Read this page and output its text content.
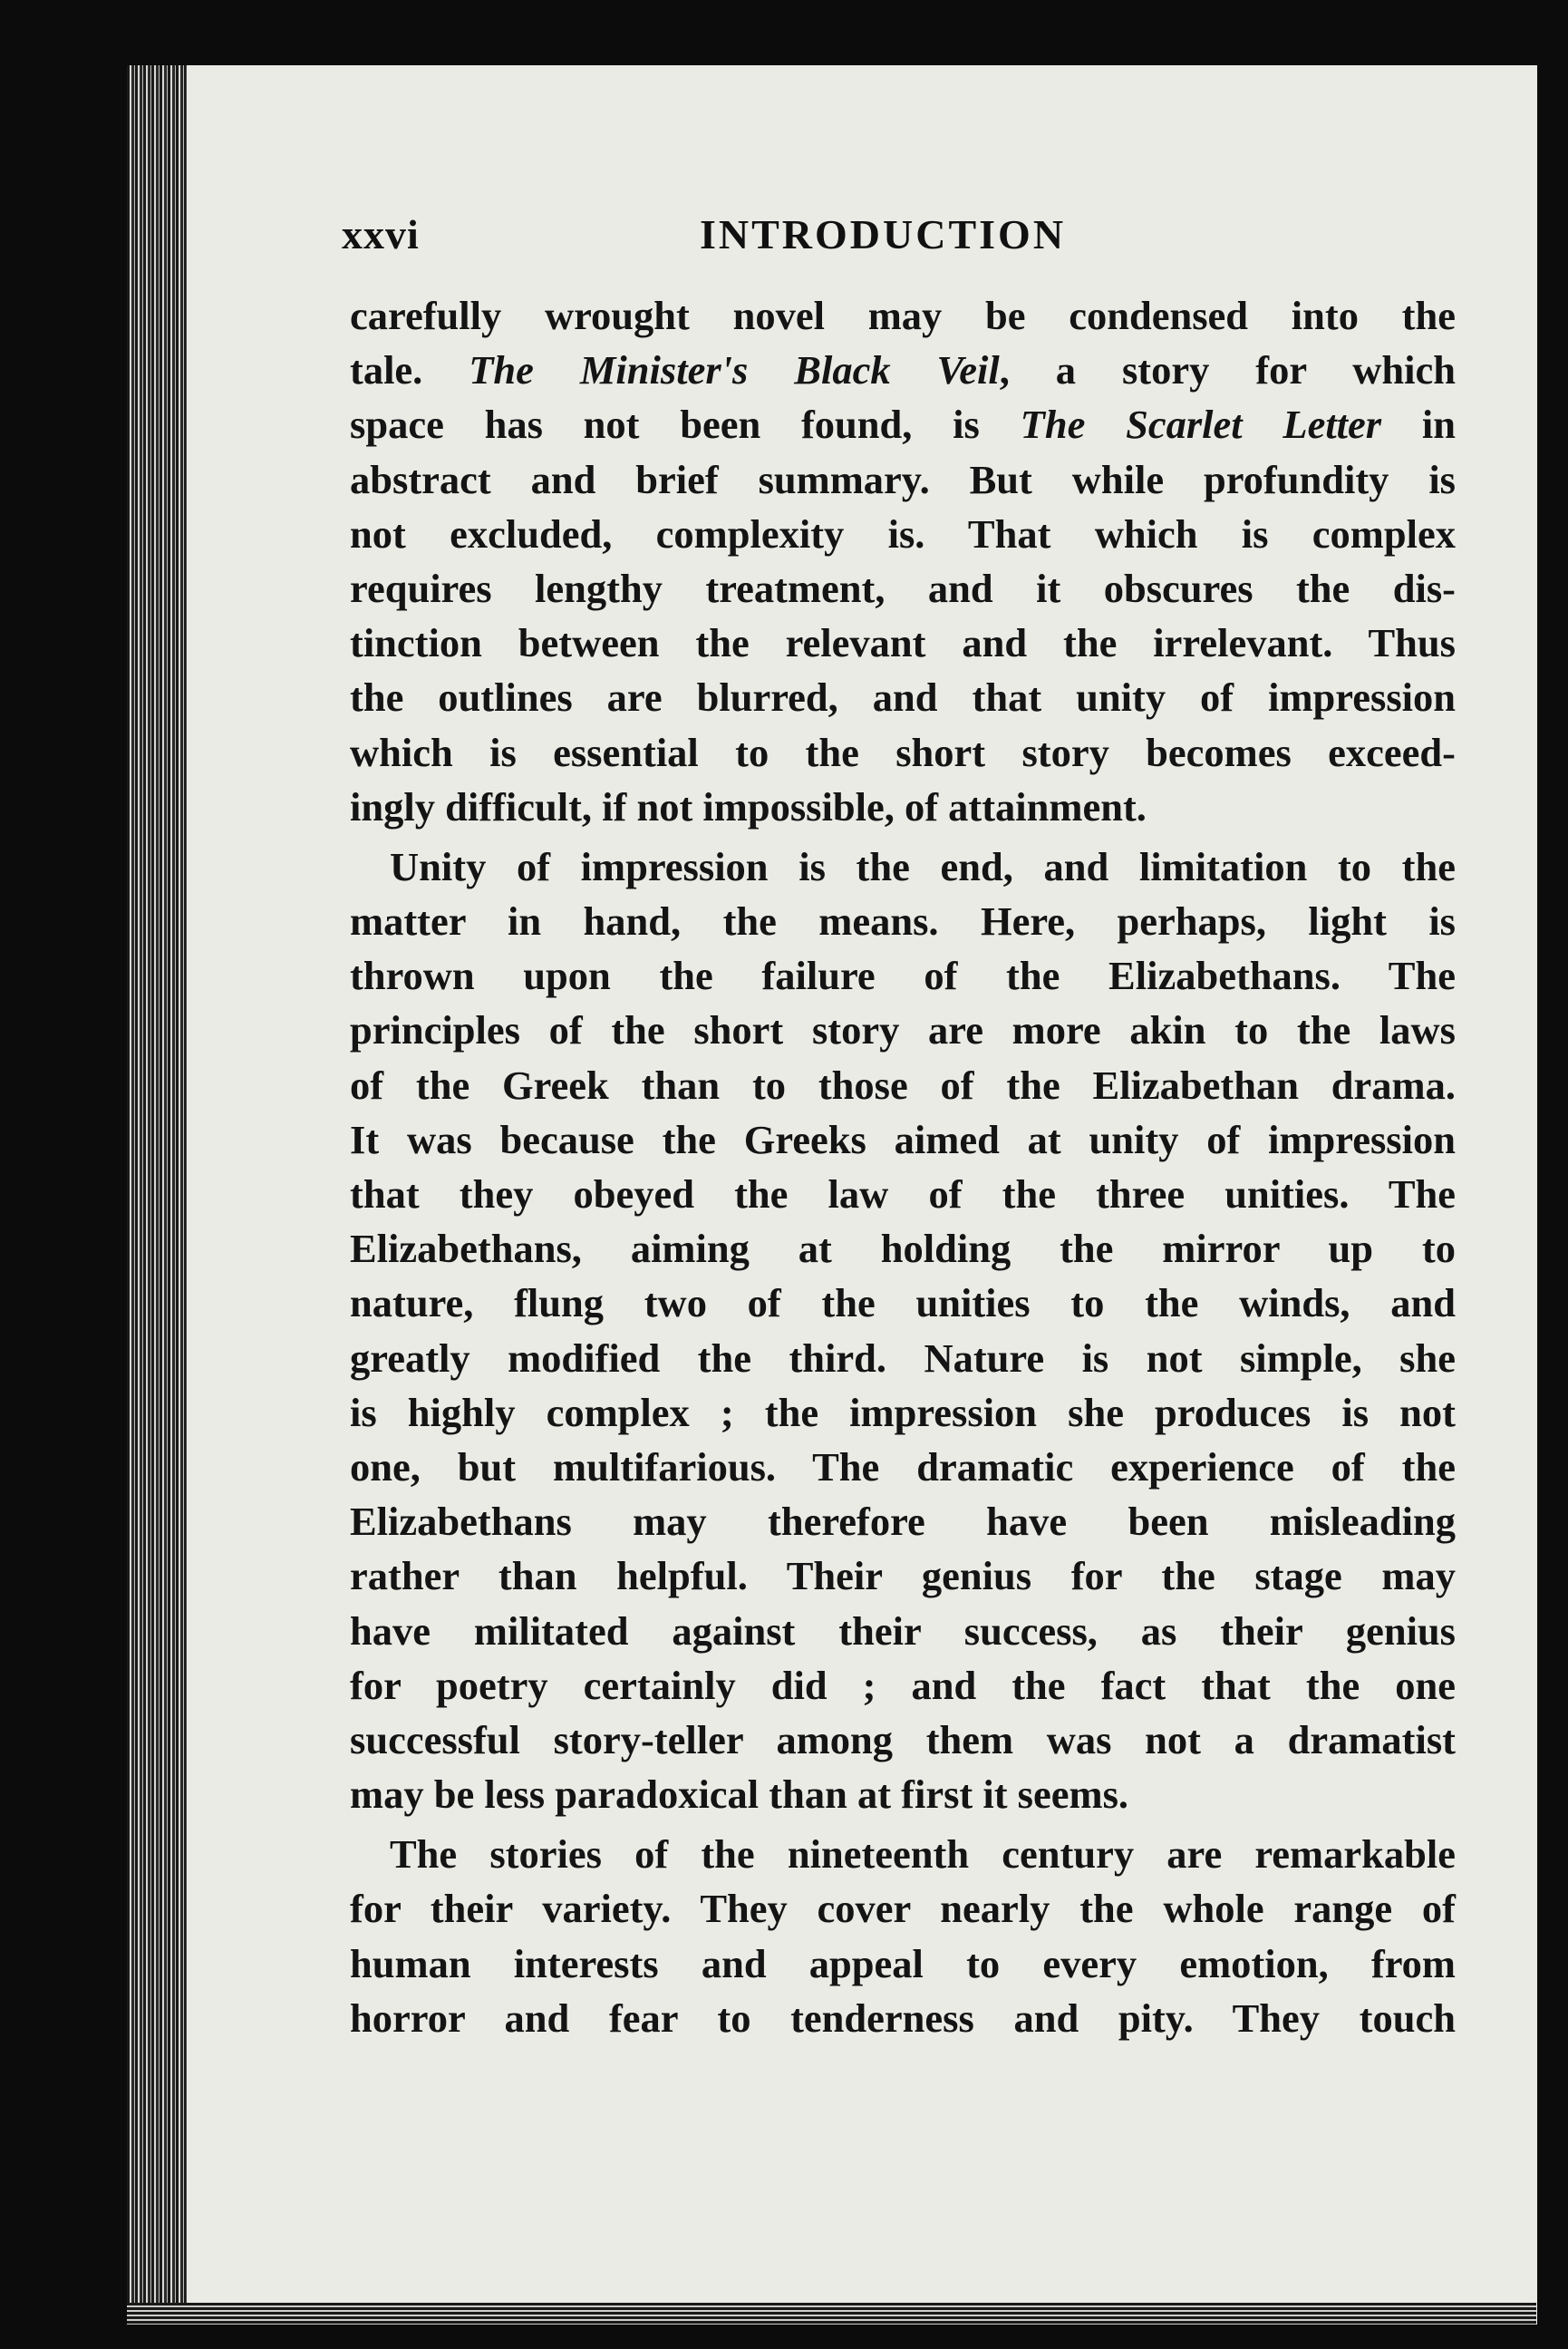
xxvi	INTRODUCTION
carefully wrought novel may be condensed into the
tale. The Minister's Black Veil, a story for which
space has not been found, is The Scarlet Letter in
abstract and brief summary. But while profundity is
not excluded, complexity is. That which is complex
requires lengthy treatment, and it obscures the dis-
tinction between the relevant and the irrelevant. Thus
the outlines are blurred, and that unity of impression
which is essential to the short story becomes exceed-
ingly difficult, if not impossible, of attainment.
Unity of impression is the end, and limitation to the
matter in hand, the means. Here, perhaps, light is
thrown upon the failure of the Elizabethans. The
principles of the short story are more akin to the laws
of the Greek than to those of the Elizabethan drama.
It was because the Greeks aimed at unity of impression
that they obeyed the law of the three unities. The
Elizabethans, aiming at holding the mirror up to
nature, flung two of the unities to the winds, and
greatly modified the third. Nature is not simple, she
is highly complex ; the impression she produces is not
one, but multifarious. The dramatic experience of the
Elizabethans may therefore have been misleading
rather than helpful. Their genius for the stage may
have militated against their success, as their genius
for poetry certainly did ; and the fact that the one
successful story-teller among them was not a dramatist
may be less paradoxical than at first it seems.
The stories of the nineteenth century are remarkable
for their variety. They cover nearly the whole range of
human interests and appeal to every emotion, from
horror and fear to tenderness and pity. They touch
